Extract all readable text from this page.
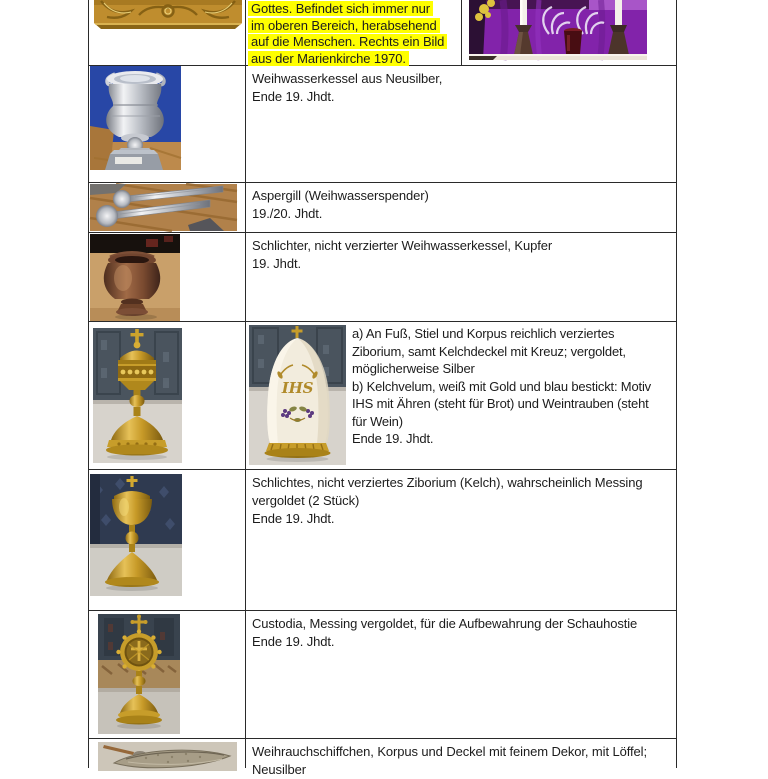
Gottes. Befindet sich immer nur
im oberen Bereich, herabsehend
auf die Menschen. Rechts ein Bild
aus der Marienkirche 1970.
Weihwasserkessel aus Neusilber,
Ende 19. Jhdt.
Aspergill (Weihwasserspender)
19./20. Jhdt.
Schlichter, nicht verzierter Weihwasserkessel, Kupfer
19. Jhdt.
IHS
a) An Fuß, Stiel und Korpus reichlich verziertes
Ziborium, samt Kelchdeckel mit Kreuz; vergoldet,
möglicherweise Silber
b) Kelchvelum, weiß mit Gold und blau bestickt: Motiv
IHS mit Ähren (steht für Brot) und Weintrauben (steht
für Wein)
Ende 19. Jhdt.
Schlichtes, nicht verziertes Ziborium (Kelch), wahrscheinlich Messing
vergoldet (2 Stück)
Ende 19. Jhdt.
Custodia, Messing vergoldet, für die Aufbewahrung der Schauhostie
Ende 19. Jhdt.
Weihrauchschiffchen, Korpus und Deckel mit feinem Dekor, mit Löffel;
Neusilber
